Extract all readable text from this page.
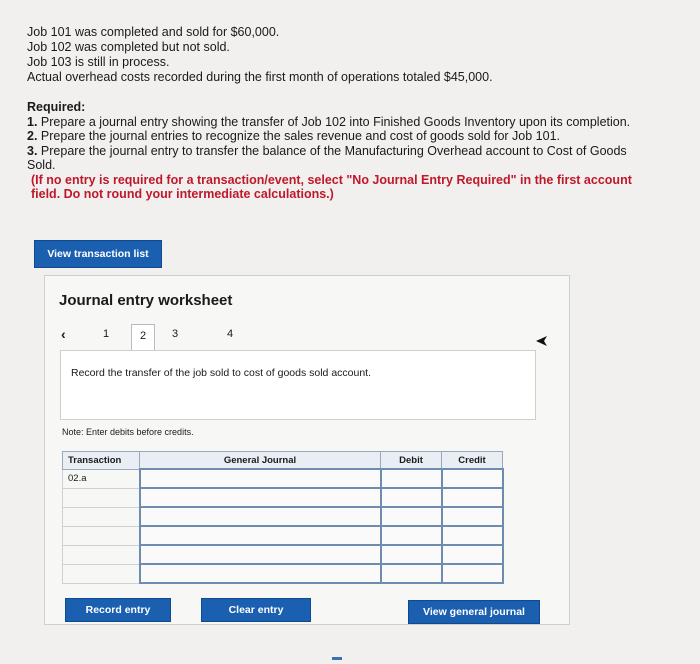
Job 101 was completed and sold for $60,000.
Job 102 was completed but not sold.
Job 103 is still in process.
Actual overhead costs recorded during the first month of operations totaled $45,000.
Required:
1. Prepare a journal entry showing the transfer of Job 102 into Finished Goods Inventory upon its completion.
2. Prepare the journal entries to recognize the sales revenue and cost of goods sold for Job 101.
3. Prepare the journal entry to transfer the balance of the Manufacturing Overhead account to Cost of Goods Sold.
(If no entry is required for a transaction/event, select "No Journal Entry Required" in the first account field. Do not round your intermediate calculations.)
View transaction list
Journal entry worksheet
‹	1	2	3	4
Record the transfer of the job sold to cost of goods sold account.
Note: Enter debits before credits.
Transaction	General Journal	Debit	Credit
02.a			

Record entry	Clear entry	View general journal
